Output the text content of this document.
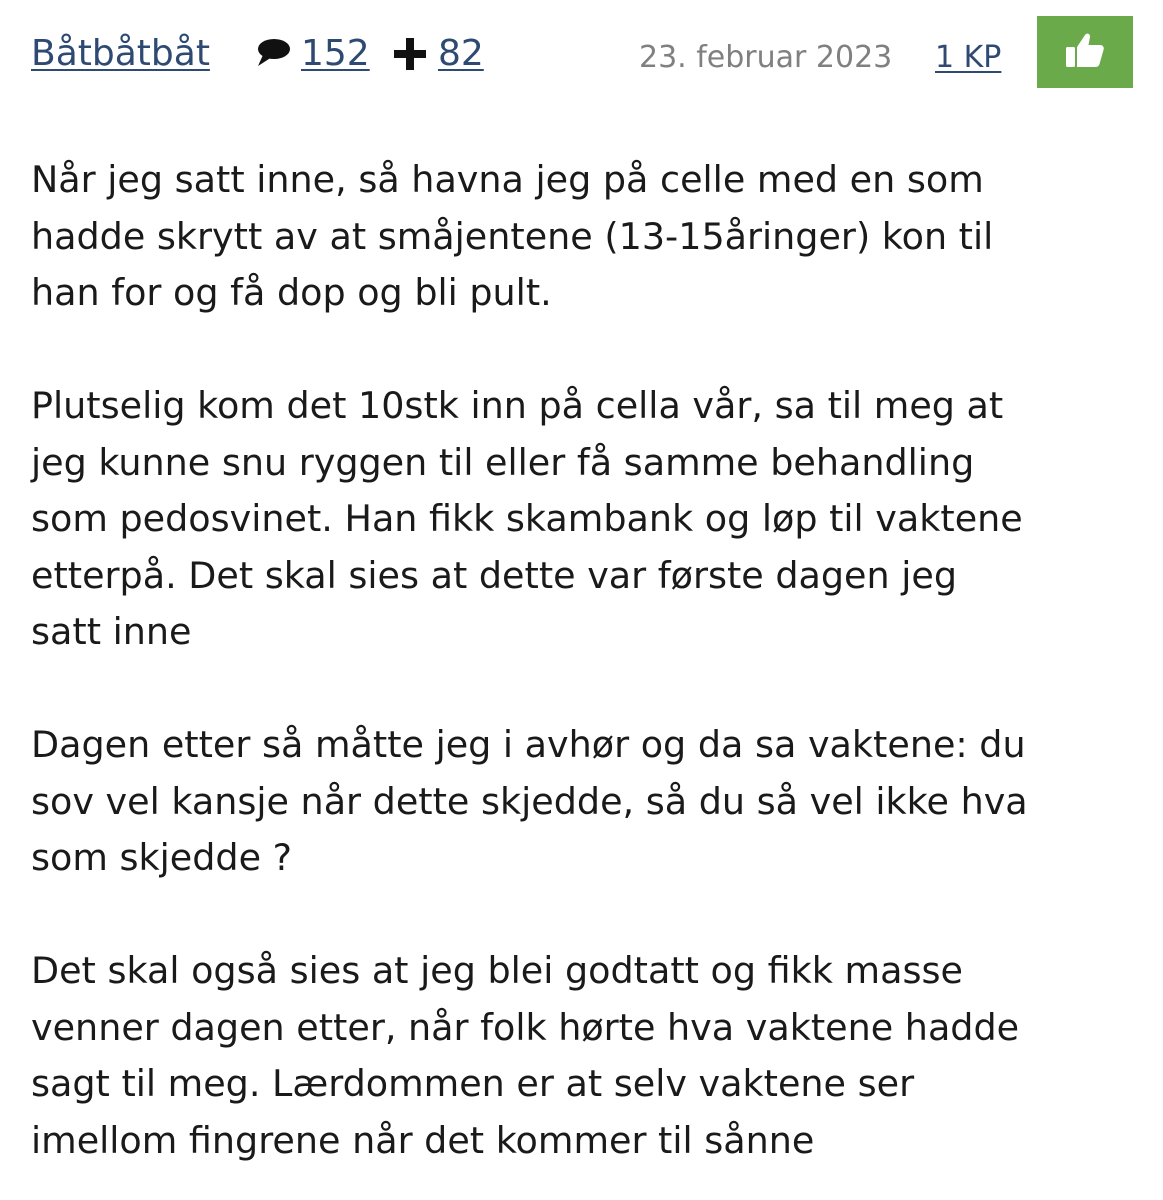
Båtbåtbåt	152 82	23. februar 2023 1 KP

Når jeg satt inne, så havna jeg på celle med en som
hadde skrytt av at småjentene (13-15åringer) kon til
han for og få dop og bli pult.

Plutselig kom det 10stk inn på cella vår, sa til meg at
jeg kunne snu ryggen til eller få samme behandling
som pedosvinet. Han fikk skambank og løp til vaktene
etterpå. Det skal sies at dette var første dagen jeg
satt inne

Dagen etter så måtte jeg i avhør og da sa vaktene: du
sov vel kansje når dette skjedde, så du så vel ikke hva
som skjedde ?

Det skal også sies at jeg blei godtatt og fikk masse
venner dagen etter, når folk hørte hva vaktene hadde
sagt til meg. Lærdommen er at selv vaktene ser
imellom fingrene når det kommer til sånne
